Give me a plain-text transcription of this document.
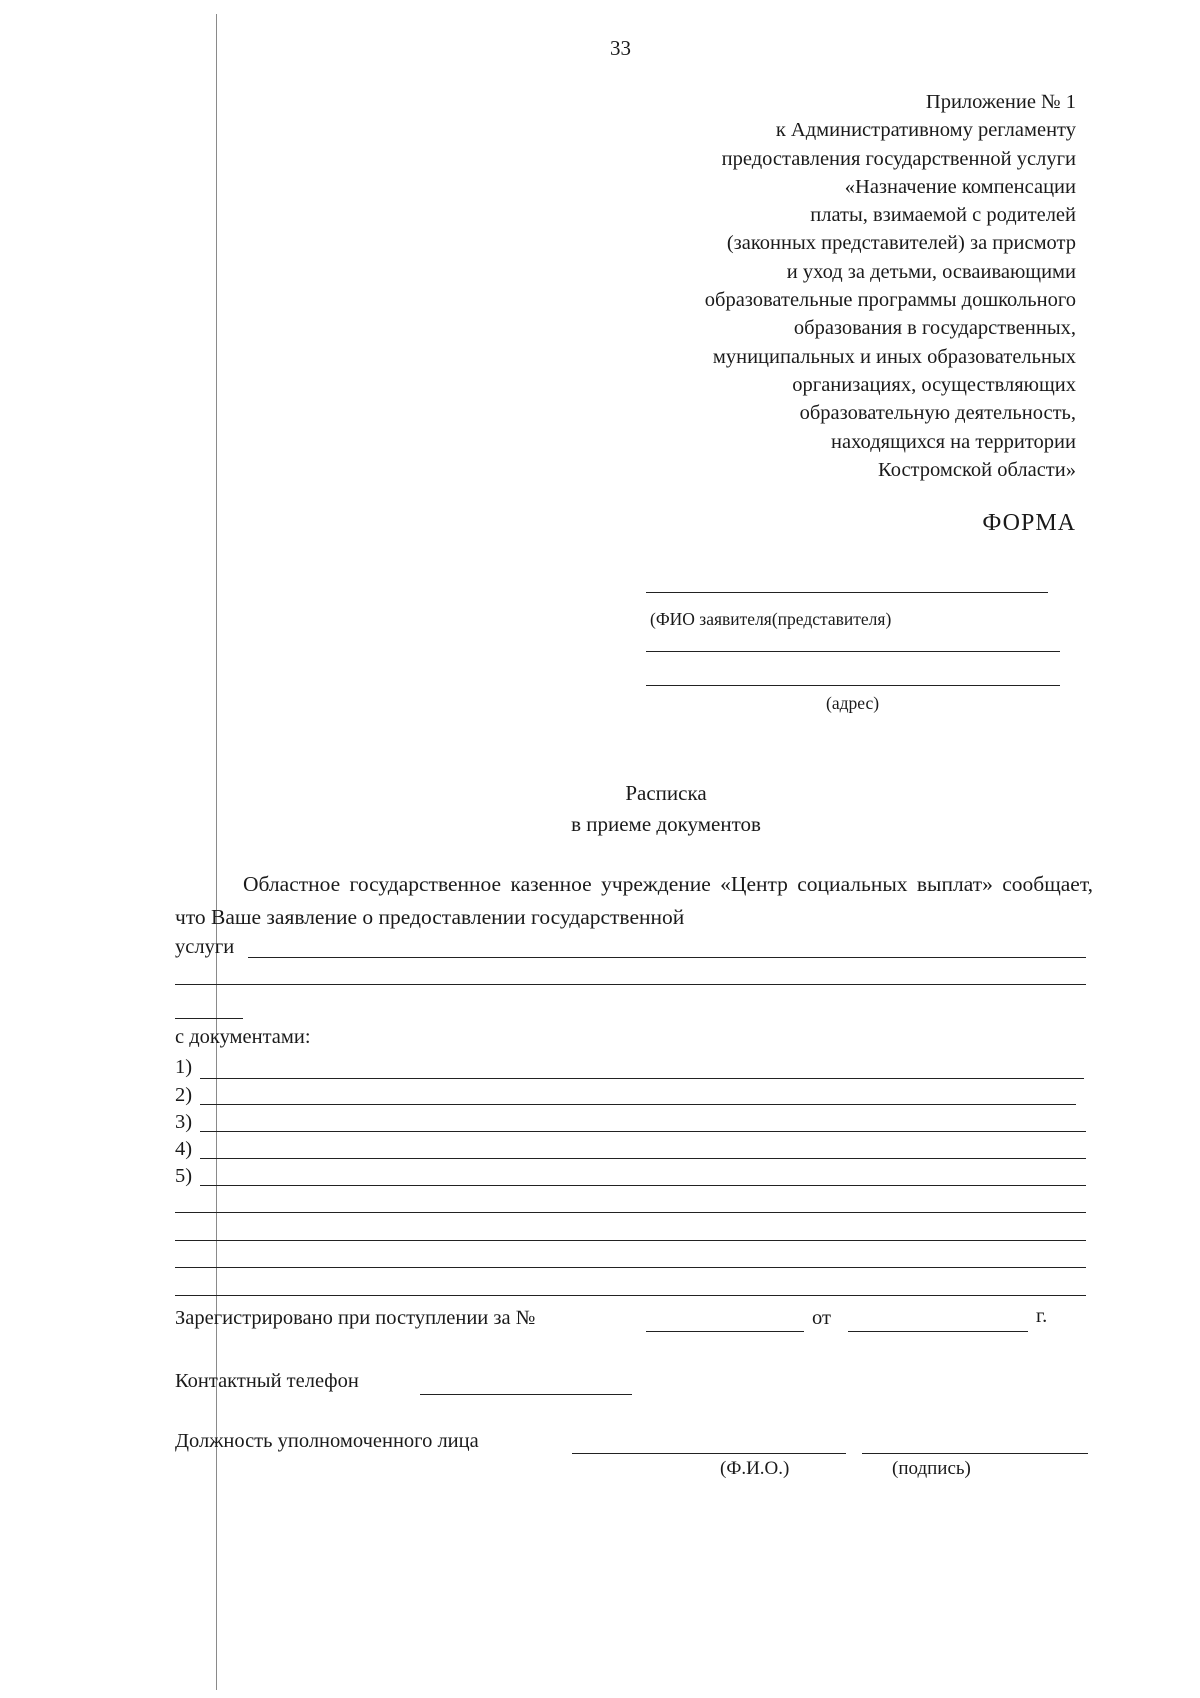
33
Приложение № 1
к Административному регламенту
предоставления государственной услуги
«Назначение компенсации
платы, взимаемой с родителей
(законных представителей) за присмотр
и уход за детьми, осваивающими
образовательные программы дошкольного
образования в государственных,
муниципальных и иных образовательных
организациях, осуществляющих
образовательную деятельность,
находящихся на территории
Костромской области»
ФОРМА
(ФИО заявителя(представителя)
(адрес)
Расписка
в приеме документов
Областное государственное казенное учреждение «Центр социальных выплат» сообщает, что Ваше заявление о предоставлении государственной
услуги
с документами:
1)
2)
3)
4)
5)
Зарегистрировано при поступлении за №	от	г.
Контактный телефон
Должность уполномоченного лица
(Ф.И.О.)	(подпись)
